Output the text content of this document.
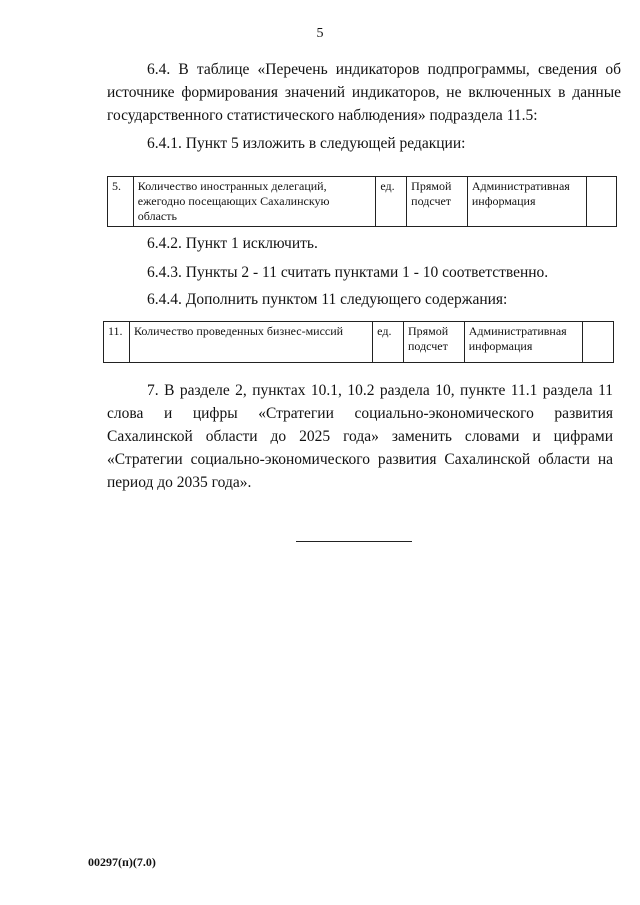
5
6.4. В таблице «Перечень индикаторов подпрограммы, сведения об источнике формирования значений индикаторов, не включенных в данные государственного статистического наблюдения» подраздела 11.5:
6.4.1. Пункт 5 изложить в следующей редакции:
5.	Количество иностранных делегаций, ежегодно посещающих Сахалинскую область	ед.	Прямой подсчет	Административная информация	
6.4.2. Пункт 1 исключить.
6.4.3. Пункты 2 - 11 считать пунктами 1 - 10 соответственно.
6.4.4. Дополнить пунктом 11 следующего содержания:
11.	Количество проведенных бизнес-миссий	ед.	Прямой подсчет	Административная информация	
7. В разделе 2, пунктах 10.1, 10.2 раздела 10, пункте 11.1 раздела 11 слова и цифры «Стратегии социально-экономического развития Сахалинской области до 2025 года» заменить словами и цифрами «Стратегии социально-экономического развития Сахалинской области на период до 2035 года».
00297(п)(7.0)
